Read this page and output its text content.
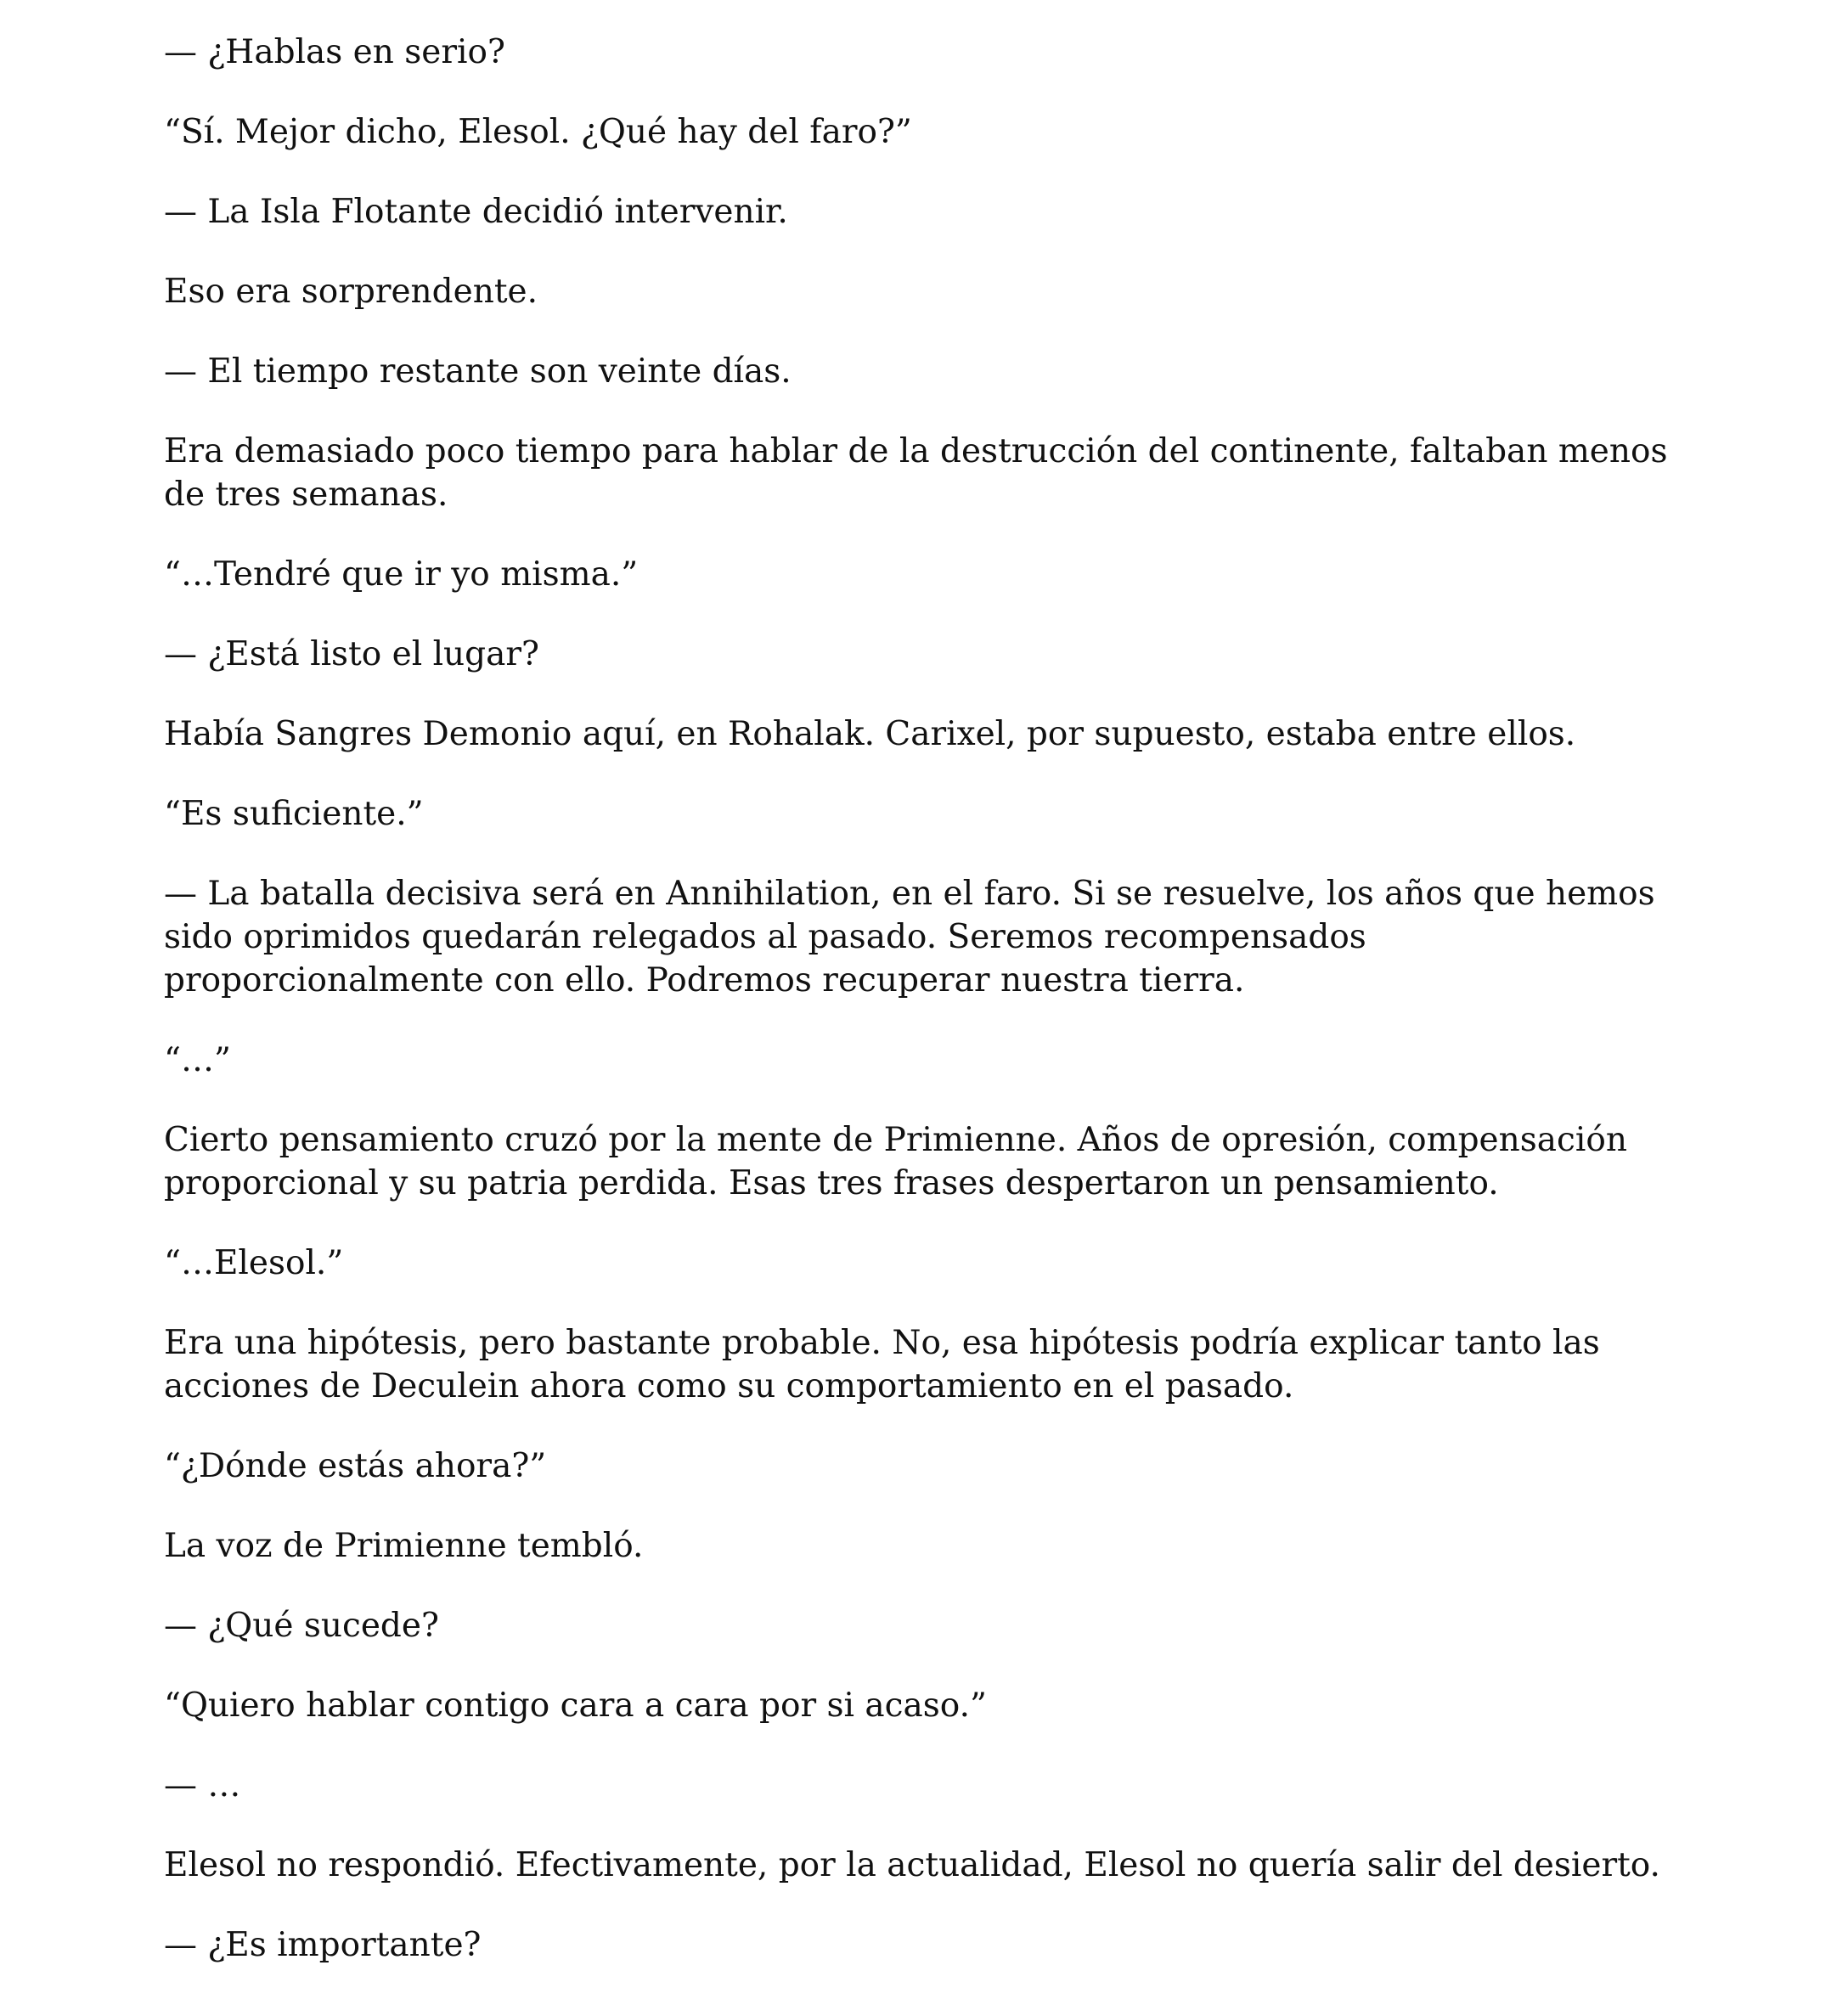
— ¿Hablas en serio?

“Sí. Mejor dicho, Elesol. ¿Qué hay del faro?”

— La Isla Flotante decidió intervenir.

Eso era sorprendente.

— El tiempo restante son veinte días.

Era demasiado poco tiempo para hablar de la destrucción del continente, faltaban menos de tres semanas.

“…Tendré que ir yo misma.”

— ¿Está listo el lugar?

Había Sangres Demonio aquí, en Rohalak. Carixel, por supuesto, estaba entre ellos.

“Es suficiente.”

— La batalla decisiva será en Annihilation, en el faro. Si se resuelve, los años que hemos sido oprimidos quedarán relegados al pasado. Seremos recompensados proporcionalmente con ello. Podremos recuperar nuestra tierra.

“…”

Cierto pensamiento cruzó por la mente de Primienne. Años de opresión, compensación proporcional y su patria perdida. Esas tres frases despertaron un pensamiento.

“…Elesol.”

Era una hipótesis, pero bastante probable. No, esa hipótesis podría explicar tanto las acciones de Deculein ahora como su comportamiento en el pasado.

“¿Dónde estás ahora?”

La voz de Primienne tembló.

— ¿Qué sucede?

“Quiero hablar contigo cara a cara por si acaso.”

— …

Elesol no respondió. Efectivamente, por la actualidad, Elesol no quería salir del desierto.

— ¿Es importante?
